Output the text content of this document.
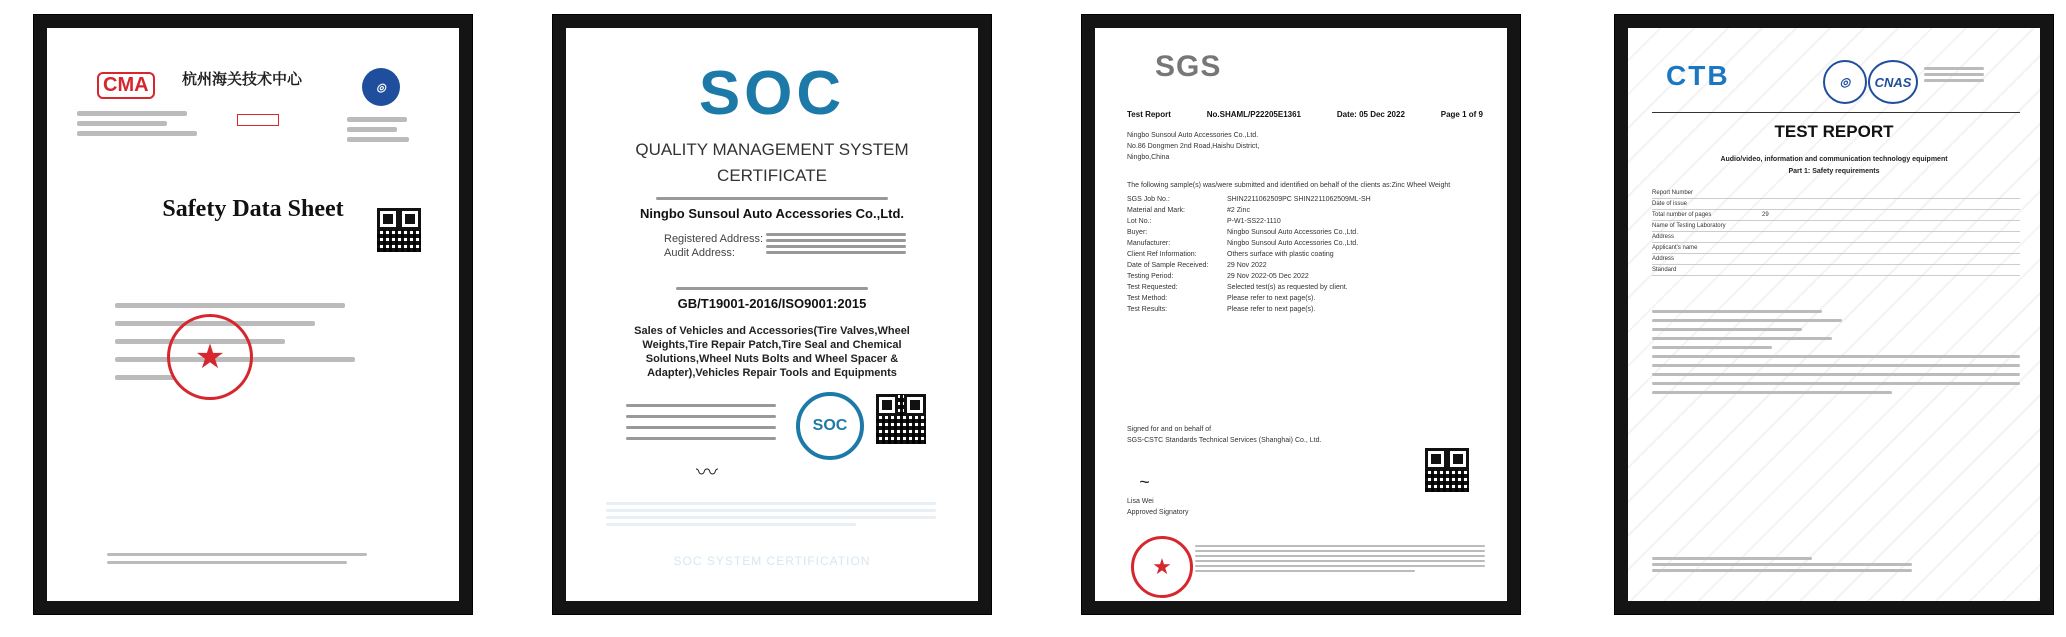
CMA	杭州海关技术中心	◎
Safety Data Sheet
★
SOC
QUALITY MANAGEMENT SYSTEM
CERTIFICATE
Ningbo Sunsoul Auto Accessories Co.,Ltd.
Registered Address:
Audit Address:
GB/T19001-2016/ISO9001:2015
Sales of Vehicles and Accessories(Tire Valves,Wheel Weights,Tire Repair Patch,Tire Seal and Chemical Solutions,Wheel Nuts Bolts and Wheel Spacer & Adapter),Vehicles Repair Tools and Equipments
SOC
〰
SOC SYSTEM CERTIFICATION
SGS
Test Report	No.SHAML/P22205E1361	Date: 05 Dec 2022	Page 1 of 9
Ningbo Sunsoul Auto Accessories Co.,Ltd.
No.86 Dongmen 2nd Road,Haishu District,
Ningbo,China
The following sample(s) was/were submitted and identified on behalf of the clients as:Zinc Wheel Weight
SGS Job No.:	SHIN2211062509PC SHIN2211062509ML-SH
Material and Mark:	#2 Zinc
Lot No.:	P-W1-SS22-1110
Buyer:	Ningbo Sunsoul Auto Accessories Co.,Ltd.
Manufacturer:	Ningbo Sunsoul Auto Accessories Co.,Ltd.
Client Ref Information:	Others surface with plastic coating
Date of Sample Received:	29 Nov 2022
Testing Period:	29 Nov 2022-05 Dec 2022
Test Requested:	Selected test(s) as requested by client.
Test Method:	Please refer to next page(s).
Test Results:	Please refer to next page(s).
Signed for and on behalf of
SGS-CSTC Standards Technical Services (Shanghai) Co., Ltd.
~
Lisa Wei
Approved Signatory
★
CTB	◎	CNAS
TEST REPORT
Audio/video, information and communication technology equipment
Part 1: Safety requirements
Report Number
Date of issue
Total number of pages	29
Name of Testing Laboratory
Address
Applicant's name
Address
Standard
